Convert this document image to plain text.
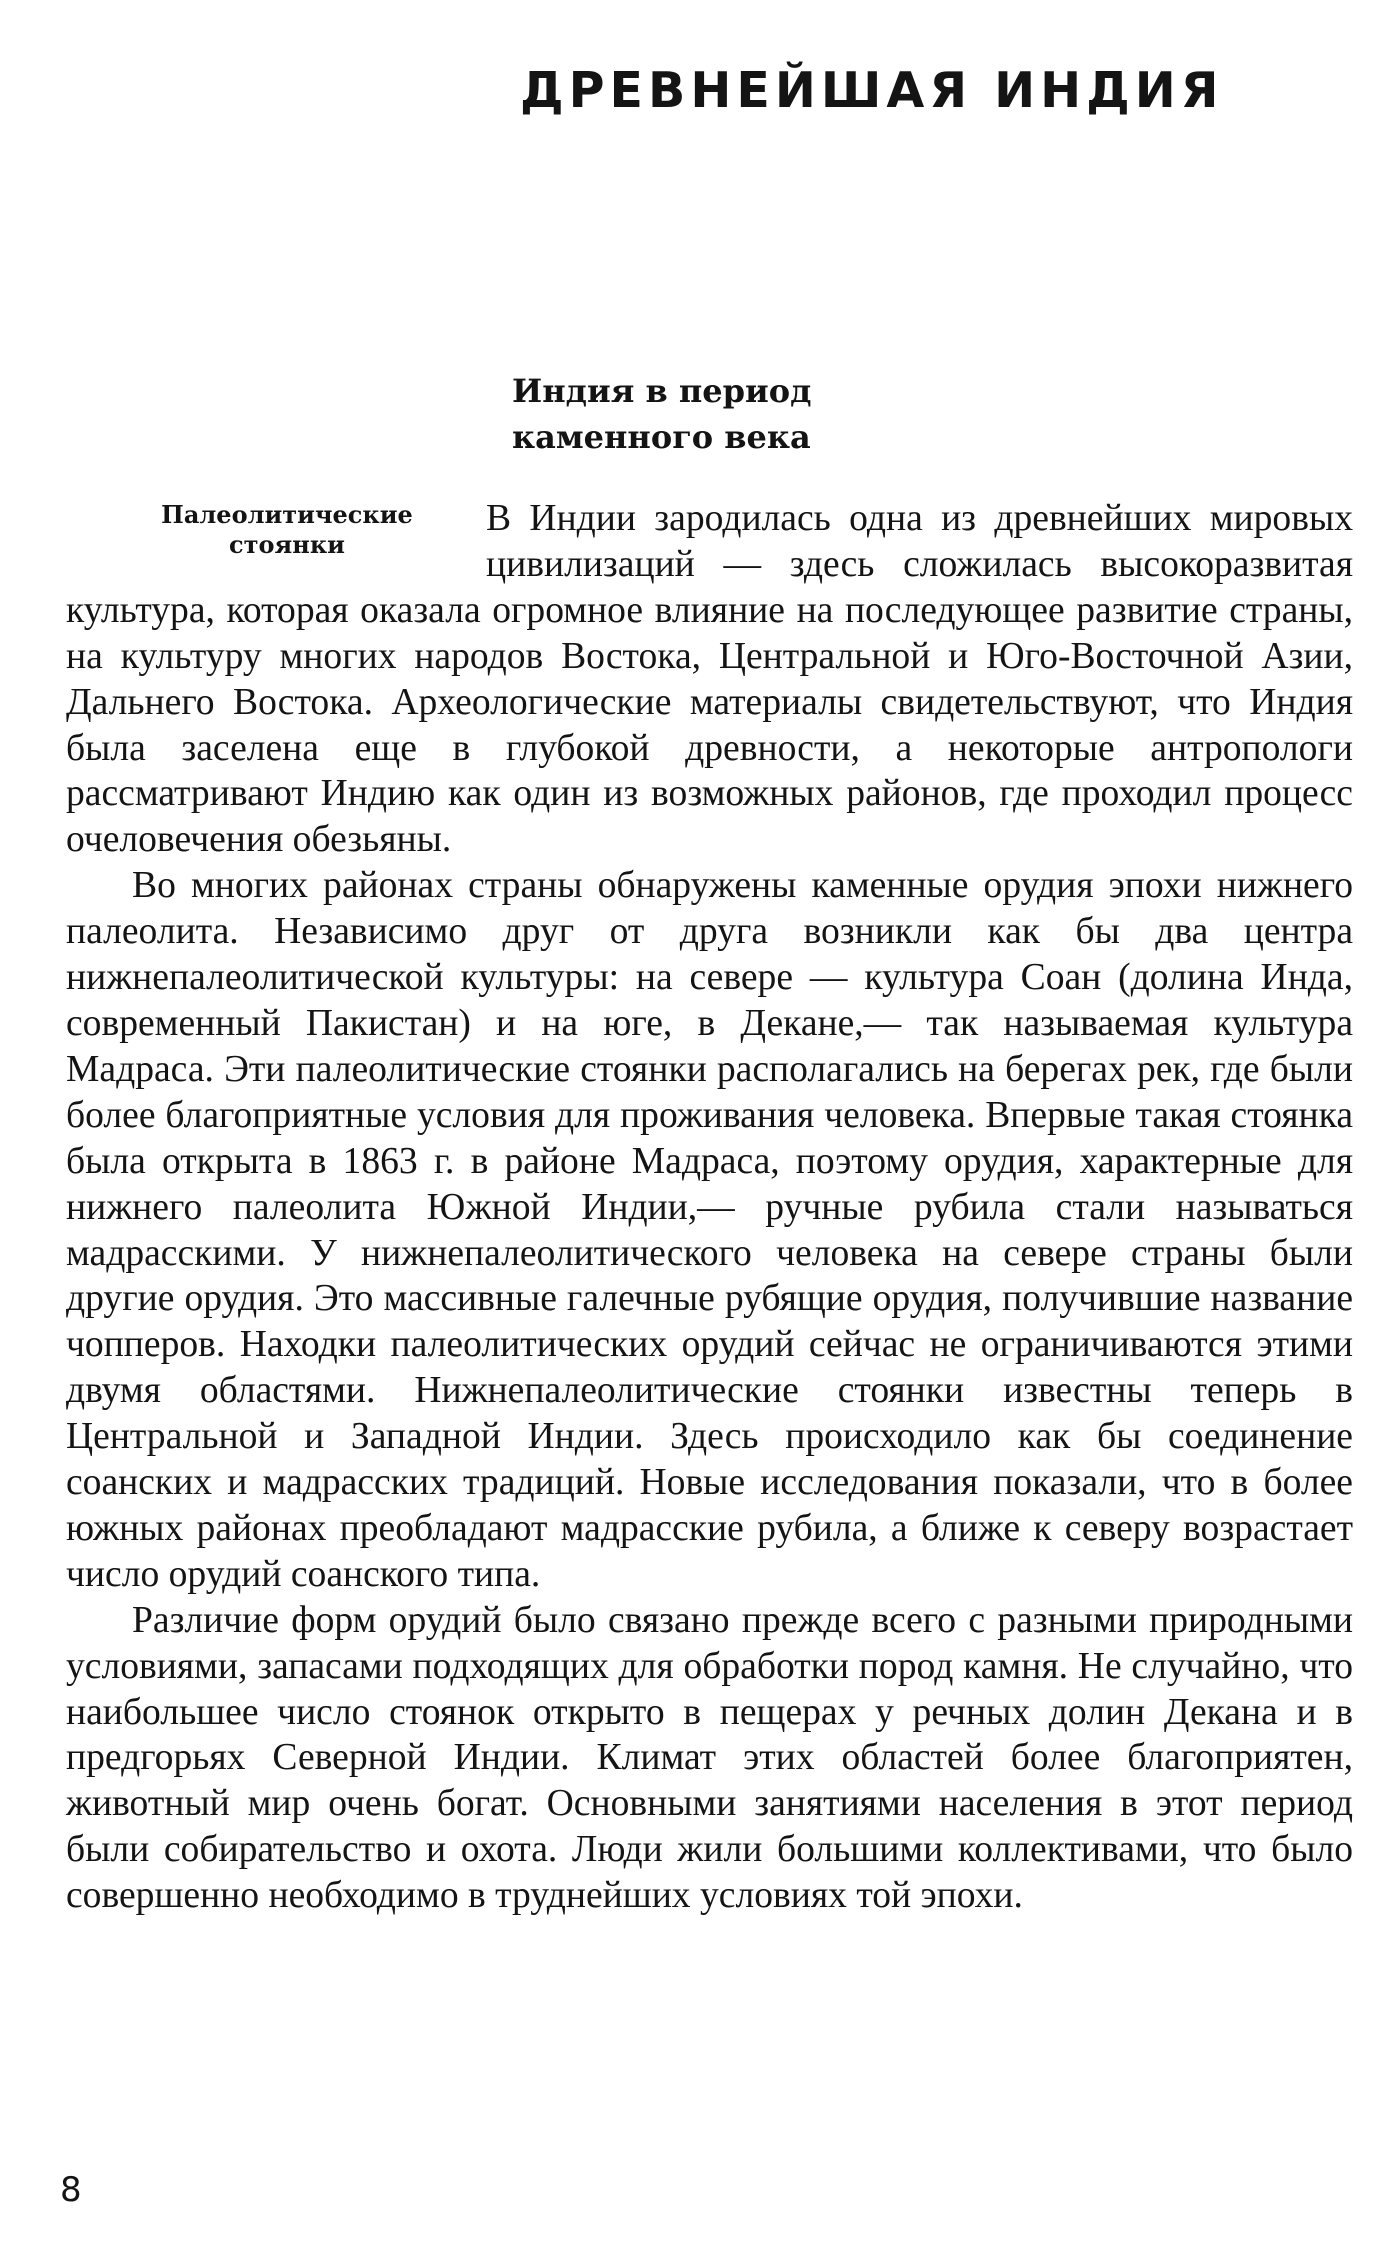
ДРЕВНЕЙШАЯ ИНДИЯ
Индия в период
каменного века
Палеолитические
стоянки

В Индии зародилась одна из древнейших мировых цивилизаций — здесь сложилась высокоразвитая культура, которая оказала огромное влияние на последующее развитие страны, на культуру многих народов Востока, Центральной и Юго-Восточной Азии, Дальнего Востока. Археологические материалы свидетельствуют, что Индия была заселена еще в глубокой древности, а некоторые антропологи рассматривают Индию как один из возможных районов, где проходил процесс очеловечения обезьяны.

Во многих районах страны обнаружены каменные орудия эпохи нижнего палеолита. Независимо друг от друга возникли как бы два центра нижнепалеолитической культуры: на севере — культура Соан (долина Инда, современный Пакистан) и на юге, в Декане,— так называемая культура Мадраса. Эти палеолитические стоянки располагались на берегах рек, где были более благоприятные условия для проживания человека. Впервые такая стоянка была открыта в 1863 г. в районе Мадраса, поэтому орудия, характерные для нижнего палеолита Южной Индии,— ручные рубила стали называться мадрасскими. У нижнепалеолитического человека на севере страны были другие орудия. Это массивные галечные рубящие орудия, получившие название чопперов. Находки палеолитических орудий сейчас не ограничиваются этими двумя областями. Нижнепалеолитические стоянки известны теперь в Центральной и Западной Индии. Здесь происходило как бы соединение соанских и мадрасских традиций. Новые исследования показали, что в более южных районах преобладают мадрасские рубила, а ближе к северу возрастает число орудий соанского типа.

Различие форм орудий было связано прежде всего с разными природными условиями, запасами подходящих для обработки пород камня. Не случайно, что наибольшее число стоянок открыто в пещерах у речных долин Декана и в предгорьях Северной Индии. Климат этих областей более благоприятен, животный мир очень богат. Основными занятиями населения в этот период были собирательство и охота. Люди жили большими коллективами, что было совершенно необходимо в труднейших условиях той эпохи.

8
